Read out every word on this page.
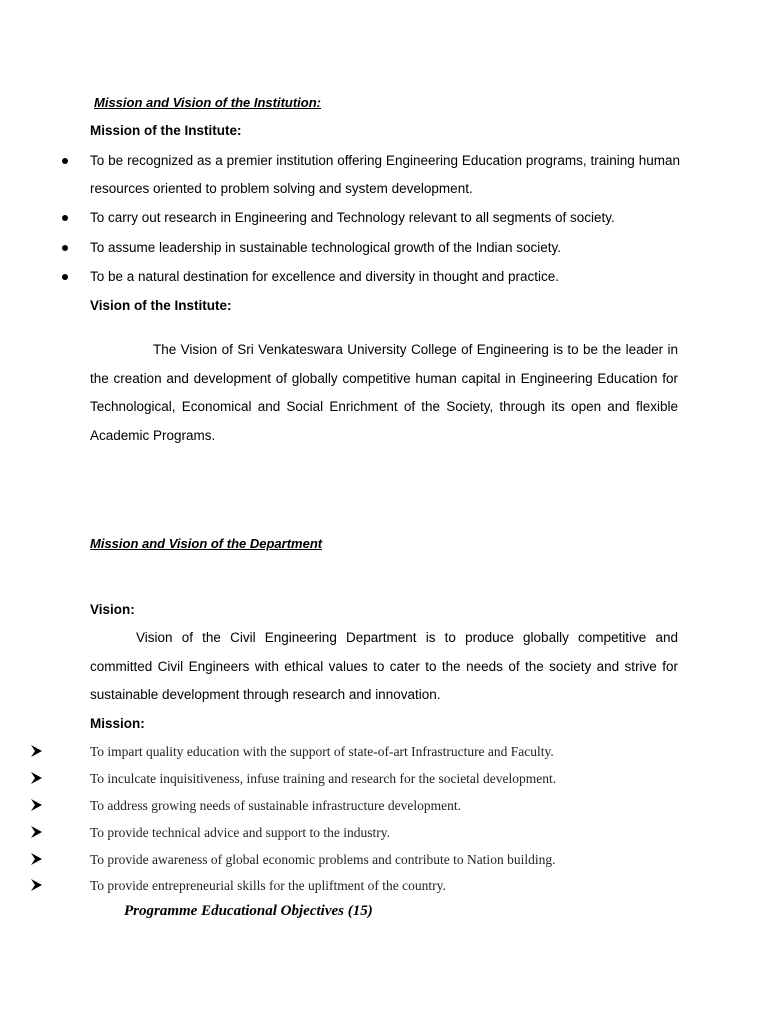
Mission and Vision of the Institution:
Mission of the Institute:
To be recognized as a premier institution offering Engineering Education programs, training human resources oriented to problem solving and system development.
To carry out research in Engineering and Technology relevant to all segments of society.
To assume leadership in sustainable technological growth of the Indian society.
To be a natural destination for excellence and diversity in thought and practice.
Vision of the Institute:

The Vision of Sri Venkateswara University College of Engineering is to be the leader in the creation and development of globally competitive human capital in Engineering Education for Technological, Economical and Social Enrichment of the Society, through its open and flexible Academic Programs.

Mission and Vision of the Department
Vision:

Vision of the Civil Engineering Department is to produce globally competitive and committed Civil Engineers with ethical values to cater to the needs of the society and strive for sustainable development through research and innovation.

Mission:
To impart quality education with the support of state-of-art Infrastructure and Faculty.
To inculcate inquisitiveness, infuse training and research for the societal development.
To address growing needs of sustainable infrastructure development.
To provide technical advice and support to the industry.
To provide awareness of global economic problems and contribute to Nation building.
To provide entrepreneurial skills for the upliftment of the country.
Programme Educational Objectives (15)
